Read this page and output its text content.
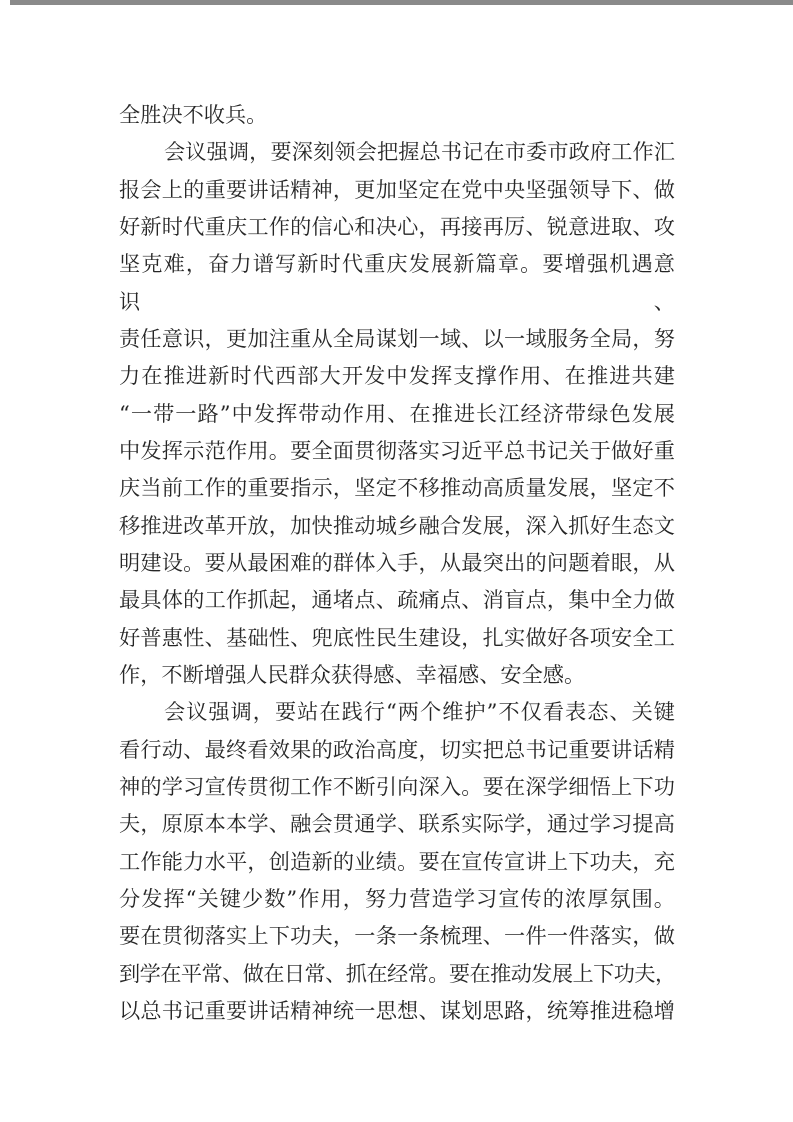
全胜决不收兵。
会议强调，要深刻领会把握总书记在市委市政府工作汇
报会上的重要讲话精神，更加坚定在党中央坚强领导下、做
好新时代重庆工作的信心和决心，再接再厉、锐意进取、攻
坚克难，奋力谱写新时代重庆发展新篇章。要增强机遇意识、
责任意识，更加注重从全局谋划一域、以一域服务全局，努
力在推进新时代西部大开发中发挥支撑作用、在推进共建
“一带一路”中发挥带动作用、在推进长江经济带绿色发展
中发挥示范作用。要全面贯彻落实习近平总书记关于做好重
庆当前工作的重要指示，坚定不移推动高质量发展，坚定不
移推进改革开放，加快推动城乡融合发展，深入抓好生态文
明建设。要从最困难的群体入手，从最突出的问题着眼，从
最具体的工作抓起，通堵点、疏痛点、消盲点，集中全力做
好普惠性、基础性、兜底性民生建设，扎实做好各项安全工
作，不断增强人民群众获得感、幸福感、安全感。
会议强调，要站在践行“两个维护”不仅看表态、关键
看行动、最终看效果的政治高度，切实把总书记重要讲话精
神的学习宣传贯彻工作不断引向深入。要在深学细悟上下功
夫，原原本本学、融会贯通学、联系实际学，通过学习提高
工作能力水平，创造新的业绩。要在宣传宣讲上下功夫，充
分发挥“关键少数”作用，努力营造学习宣传的浓厚氛围。
要在贯彻落实上下功夫，一条一条梳理、一件一件落实，做
到学在平常、做在日常、抓在经常。要在推动发展上下功夫，
以总书记重要讲话精神统一思想、谋划思路，统筹推进稳增
